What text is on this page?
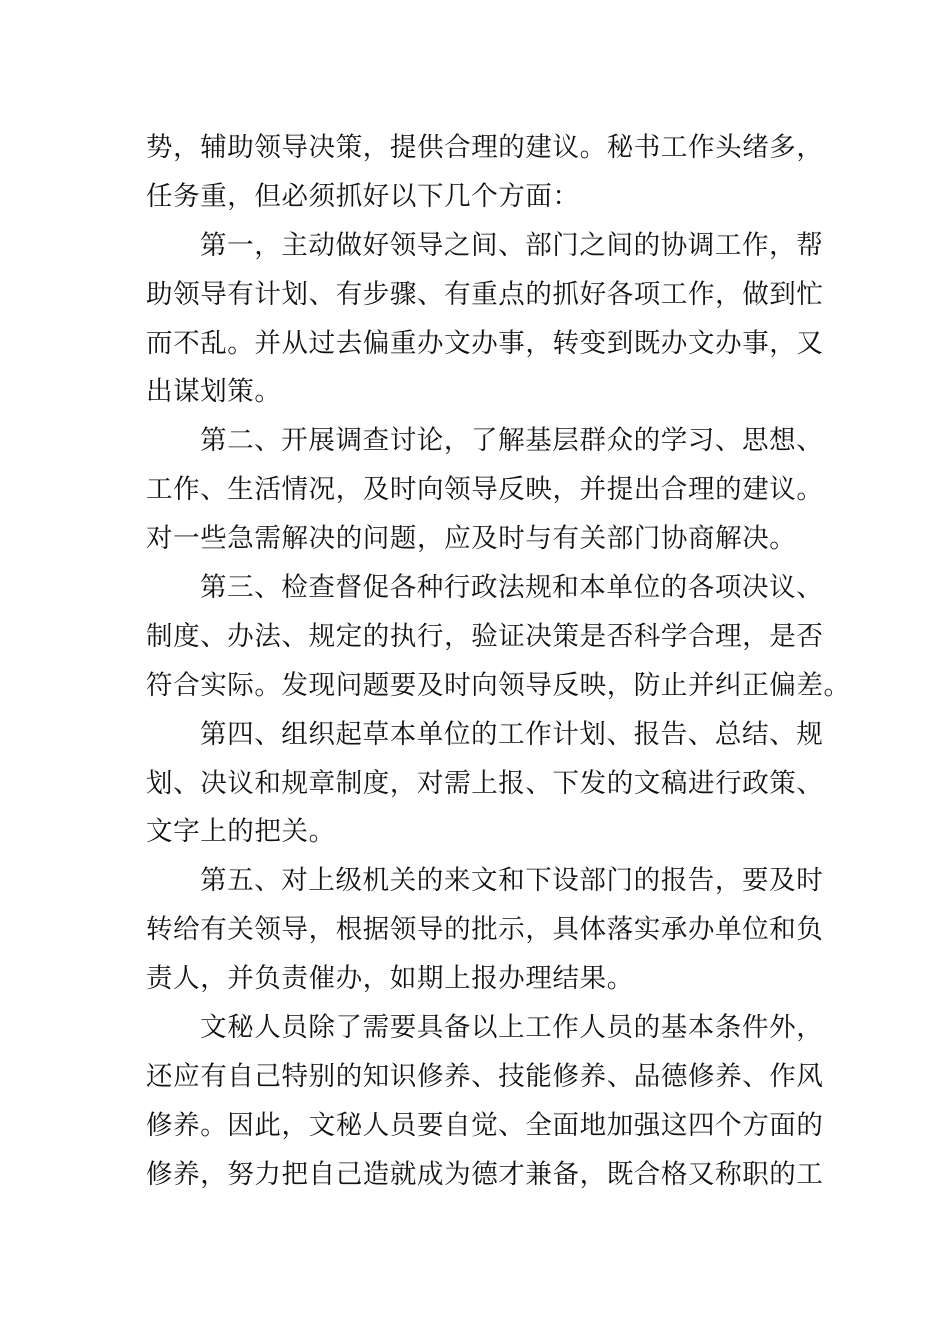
势，辅助领导决策，提供合理的建议。秘书工作头绪多，
任务重，但必须抓好以下几个方面：
第一，主动做好领导之间、部门之间的协调工作，帮
助领导有计划、有步骤、有重点的抓好各项工作，做到忙
而不乱。并从过去偏重办文办事，转变到既办文办事，又
出谋划策。
第二、开展调查讨论，了解基层群众的学习、思想、
工作、生活情况，及时向领导反映，并提出合理的建议。
对一些急需解决的问题，应及时与有关部门协商解决。
第三、检查督促各种行政法规和本单位的各项决议、
制度、办法、规定的执行，验证决策是否科学合理，是否
符合实际。发现问题要及时向领导反映，防止并纠正偏差。
第四、组织起草本单位的工作计划、报告、总结、规
划、决议和规章制度，对需上报、下发的文稿进行政策、
文字上的把关。
第五、对上级机关的来文和下设部门的报告，要及时
转给有关领导，根据领导的批示，具体落实承办单位和负
责人，并负责催办，如期上报办理结果。
文秘人员除了需要具备以上工作人员的基本条件外，
还应有自己特别的知识修养、技能修养、品德修养、作风
修养。因此，文秘人员要自觉、全面地加强这四个方面的
修养，努力把自己造就成为德才兼备，既合格又称职的工
